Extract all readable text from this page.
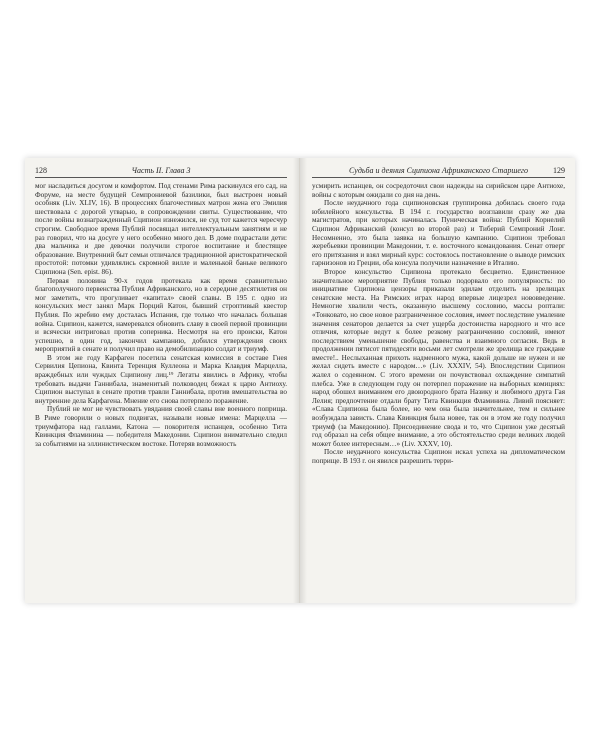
128	Часть II. Глава 3

мог насладиться досугом и комфортом. Под стенами Рима раскинулся его сад, на Форуме, на месте будущей Семпрониевой базилики, был выстроен новый особняк (Liv. XLIV, 16). В процессиях благочестивых матрон жена его Эмилия шествовала с дорогой утварью, в сопровождении свиты. Существование, что после войны вознагражденный Сципион изнежился, не суд тот кажется чересчур строгим. Свободное время Публий посвящал интеллектуальным занятиям и не раз говорил, что на досуге у него особенно много дел. В доме подрастали дети: два мальчика и две девочки получили строгое воспитание и блестящее образование. Внутренний быт семьи отличался традиционной аристократической простотой: потомки удивлялись скромной вилле и маленькой баньке великого Сципиона (Sen. epist. 86).

Первая половина 90-х годов протекала как время сравнительно благополучного первенства Публия Африканского, но в середине десятилетия он мог заметить, что прогуливает «капитал» своей славы. В 195 г. одно из консульских мест занял Марк Порций Катон, бывший строптивый квестор Публия. По жребию ему досталась Испания, где только что началась большая война. Сципион, кажется, намеревался обновить славу в своей первой провинции и всячески интриговал против соперника. Несмотря на его происки, Катон успешно, в один год, закончил кампанию, добился утверждения своих мероприятий в сенате и получил право на демобилизацию солдат и триумф.

В этом же году Карфаген посетила сенатская комиссия в составе Гнея Сервилия Цепиона, Квинта Теренция Куллеона и Марка Клавдия Марцелла, враждебных или чуждых Сципиону лиц.¹⁹ Легаты явились в Африку, чтобы требовать выдачи Ганнибала, знаменитый полководец бежал к царю Антиоху. Сципион выступал в сенате против травли Ганнибала, против вмешательства во внутренние дела Карфагена. Мнение его снова потерпело поражение.

Публий не мог не чувствовать увядания своей славы вне военного поприща. В Риме говорили о новых подвигах, называли новые имена: Марцелла — триумфатора над галлами, Катона — покорителя испанцев, особенно Тита Квинкция Фламинина — победителя Македонии. Сципион внимательно следил за событиями на эллинистическом востоке. Потеряв возможность

Судьба и деяния Сципиона Африканского Старшего	129

усмирить испанцев, он сосредоточил свои надежды на сирийском царе Антиохе, войны с которым ожидали со дня на день.

После неудачного года сципионовская группировка добилась своего года юбилейного консульства. В 194 г. государство возглавили сразу же два магистратов, при которых начиналась Пуническая война: Публий Корнелий Сципион Африканский (консул во второй раз) и Тиберий Семпроний Лонг. Несомненно, это была заявка на большую кампанию. Сципион требовал жеребьевки провинции Македонии, т. е. восточного командования. Сенат отверг его притязания и взял мирный курс: состоялось постановление о выводе римских гарнизонов из Греции, оба консула получили назначение в Италию.

Второе консульство Сципиона протекало бесцветно. Единственное значительное мероприятие Публия только подорвало его популярность: по инициативе Сципиона цензоры приказали эдилам отделить на зрелищах сенатские места. На Римских играх народ впервые лицезрел нововведение. Немногие хвалили честь, оказанную высшему сословию, массы роптали: «Тонковато, но свое новое разграниченное сословия, имеет последствие умаление значения сенаторов делается за счет ущерба достоинства народного и что все отличия, которые ведут к более резкому разграничению сословий, имеют последствием уменьшение свободы, равенства и взаимного согласия. Ведь в продолжении пятисот пятидесяти восьми лет смотрели же зрелища все граждане вместе!.. Неслыханная прихоть надменного мужа, какой дольше не нужен и не желал сидеть вместе с народом…» (Liv. XXXIV, 54). Впоследствии Сципион жалел о содеянном. С этого времени он почувствовал охлаждение симпатий плебса. Уже в следующем году он потерпел поражение на выборных комициях: народ обошел вниманием его двоюродного брата Назику и любимого друга Гая Лелия; предпочтение отдали брату Тита Квинкция Фламинина. Ливий поясняет: «Слава Сципиона была более, но чем она была значительнее, тем и сильнее возбуждала зависть. Слава Квинкция была новее, так он в этом же году получил триумф (за Македонию). Присоединение свода и то, что Сципион уже десятый год образал на себя общее внимание, а это обстоятельство среди великих людей может более интересным…» (Liv. XXXV, 10).

После неудачного консульства Сципион искал успеха на дипломатическом поприще. В 193 г. он явился разрешить терри-
